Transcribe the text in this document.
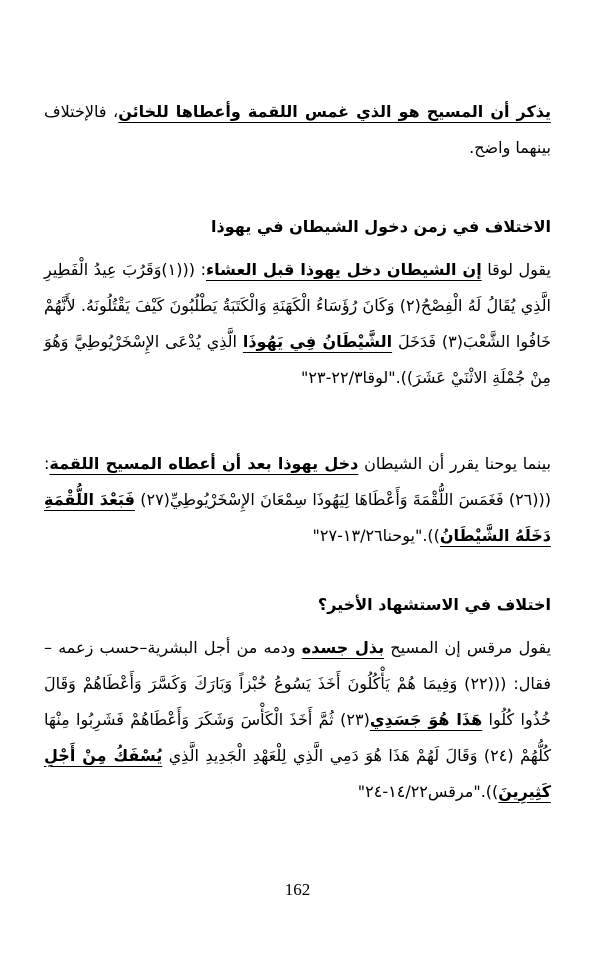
يذكر أن المسيح هو الذي غمس اللقمة وأعطاها للخائن، فالإختلاف بينهما واضح.

الاختلاف في زمن دخول الشيطان في يهوذا

يقول لوقا إن الشيطان دخل يهوذا قبل العشاء: (((١)وَقَرُبَ عِيدُ الْفَطِيرِ الَّذِي يُقَالُ لَهُ الْفِصْحُ(٢) وَكَانَ رُؤَسَاءُ الْكَهَنَةِ وَالْكَتَبَةُ يَطْلُبُونَ كَيْفَ يَقْتُلُونَهُ. لأَنَّهُمْ خَافُوا الشَّعْبَ(٣) فَدَخَلَ الشَّيْطَانُ فِي يَهُوذَا الَّذِي يُدْعَى الإِسْخَرْيُوطِيَّ وَهُوَ مِنْ جُمْلَةِ الاثْنَيْ عَشَرَ))."لوقا٢٢/٣-٢٣"

بينما يوحنا يقرر أن الشيطان دخل يهوذا بعد أن أعطاه المسيح اللقمة: (((٢٦) فَغَمَسَ اللُّقْمَةَ وَأَعْطَاهَا لِيَهُوذَا سِمْعَانَ الإِسْخَرْيُوطِيِّ(٢٧) فَبَعْدَ اللُّقْمَةِ دَخَلَهُ الشَّيْطَانُ))."يوحنا١٣/٢٦-٢٧"

اختلاف في الاستشهاد الأخير؟

يقول مرقس إن المسيح بذل جسده ودمه من أجل البشرية–حسب زعمه – فقال: (((٢٢) وَفِيمَا هُمْ يَأْكُلُونَ أَخَذَ يَسُوعُ خُبْزاً وَبَارَكَ وَكَسَّرَ وَأَعْطَاهُمْ وَقَالَ خُذُوا كُلُوا هَذَا هُوَ جَسَدِي(٢٣) ثُمَّ أَخَذَ الْكَأْسَ وَشَكَرَ وَأَعْطَاهُمْ فَشَرِبُوا مِنْهَا كُلُّهُمْ (٢٤) وَقَالَ لَهُمْ هَذَا هُوَ دَمِي الَّذِي لِلْعَهْدِ الْجَدِيدِ الَّذِي يُسْفَكُ مِنْ أَجْلِ كَثِيرِينَ))."مرقس١٤/٢٢-٢٤"

162
